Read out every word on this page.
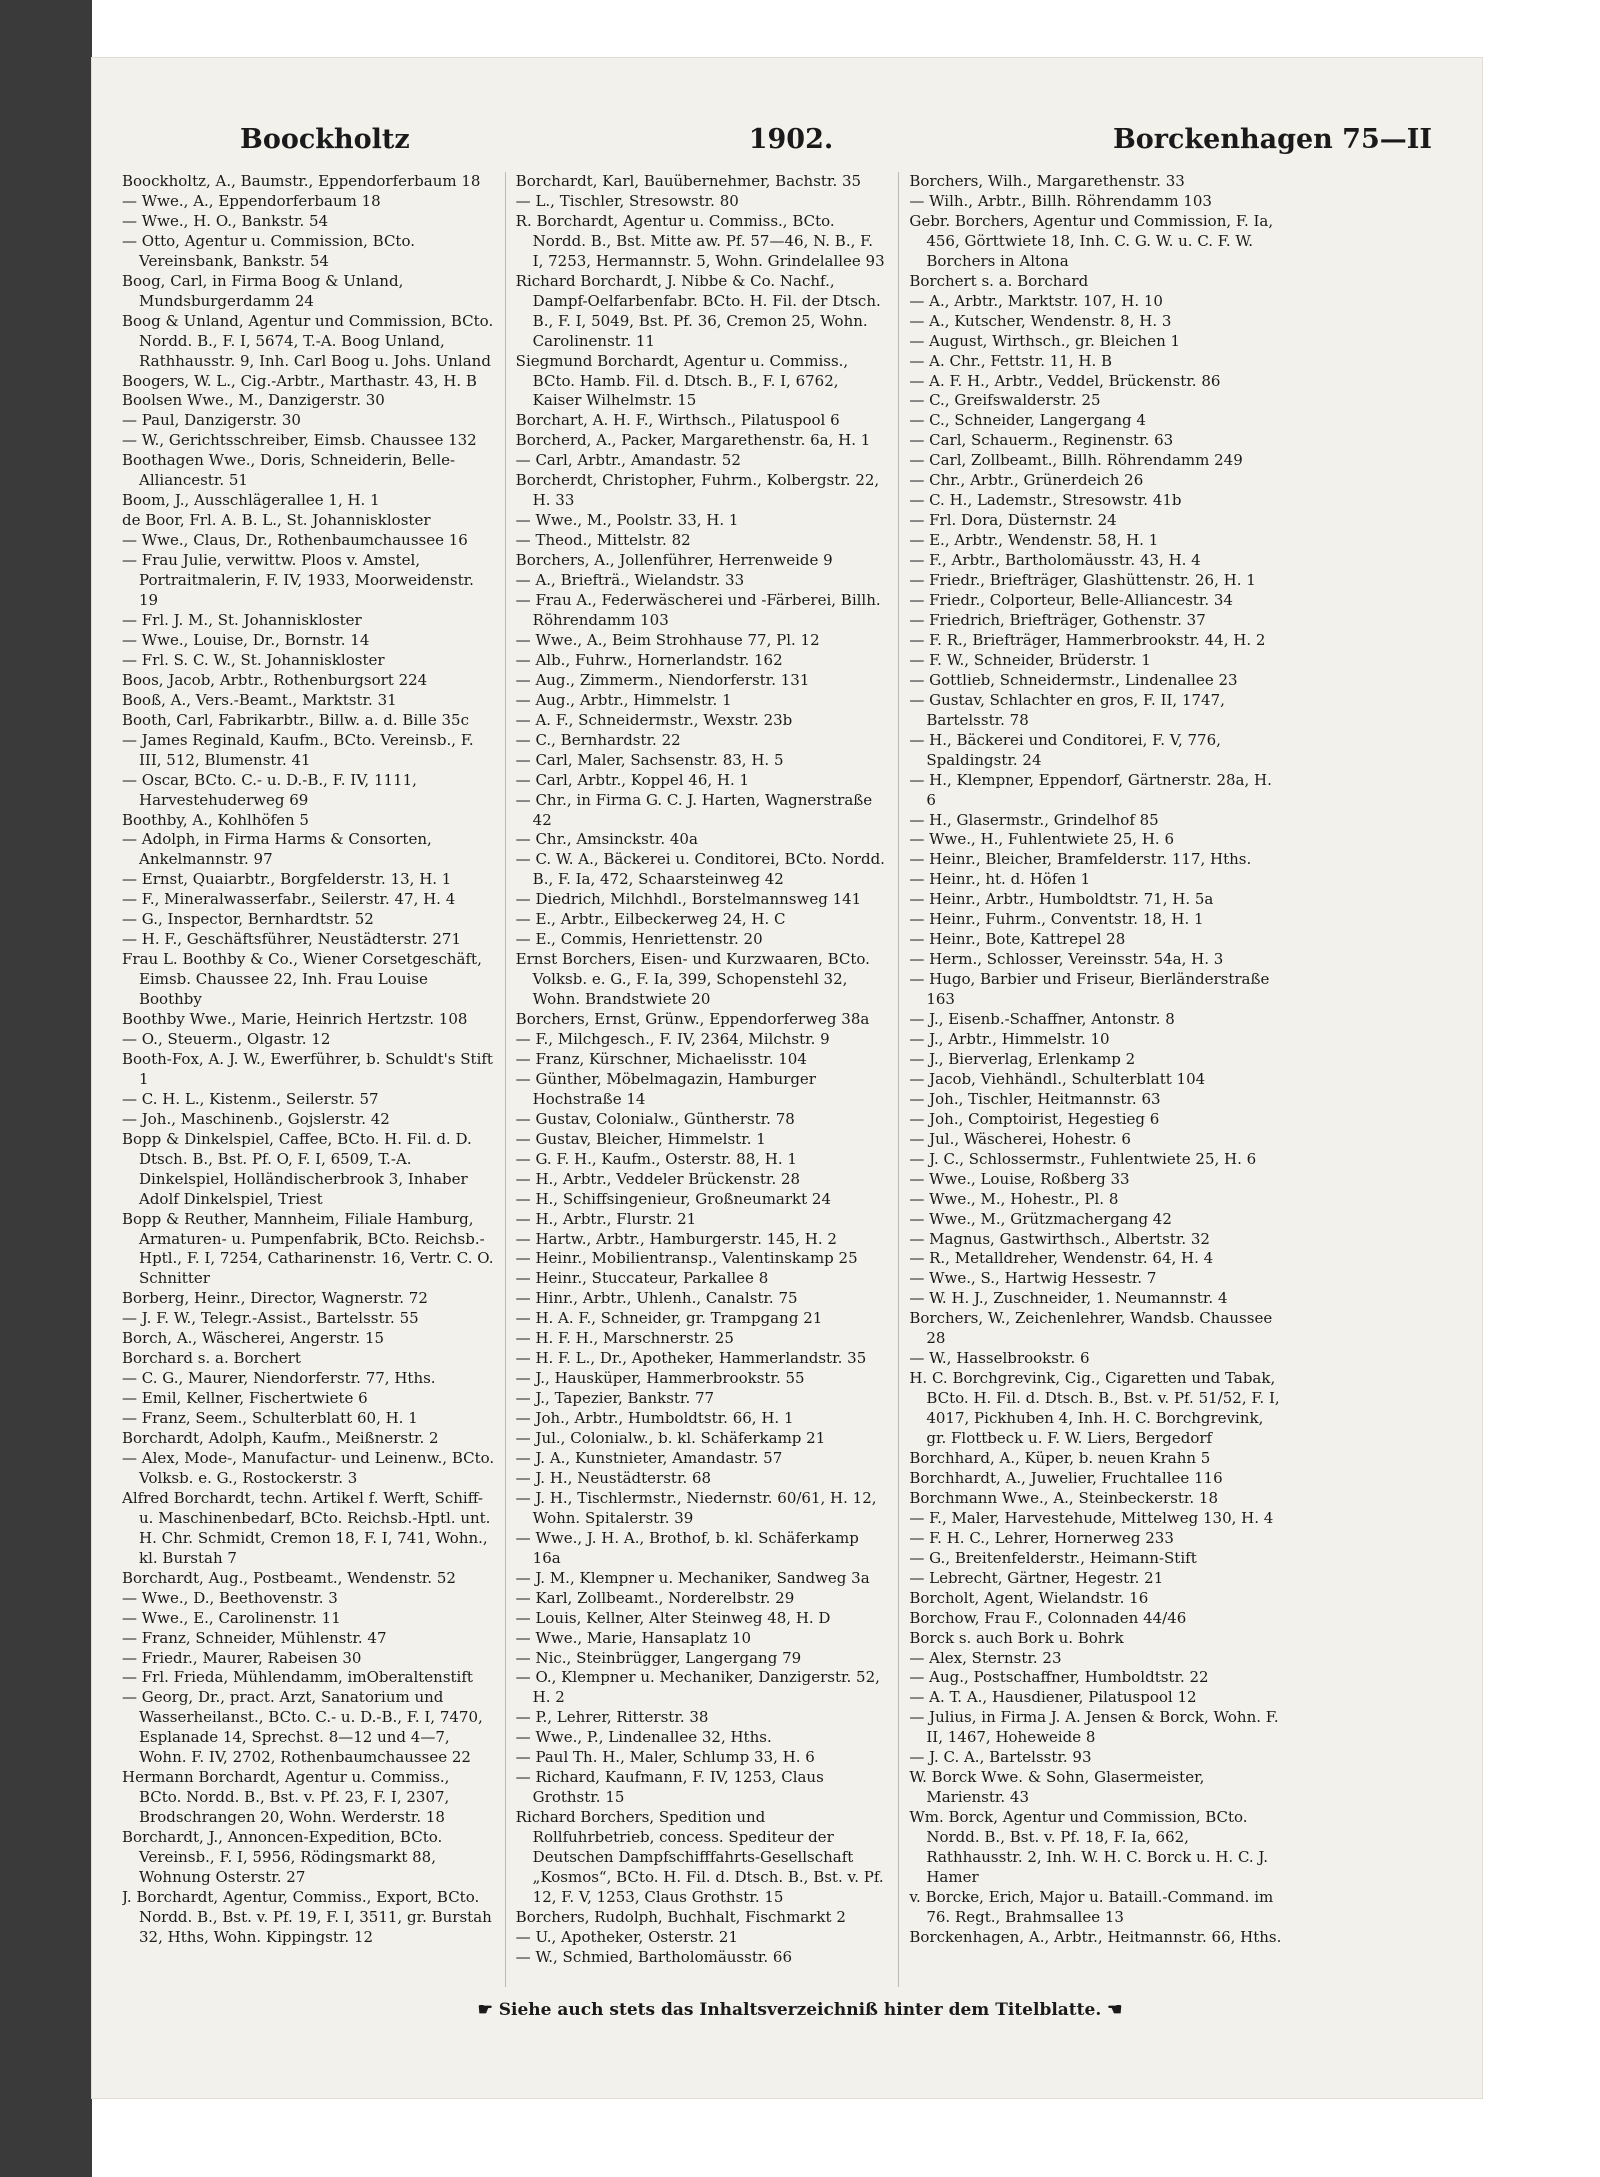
Boockholtz	1902.	Borckenhagen 75—II

Boockholtz, A., Baumstr., Eppendorferbaum 18

— Wwe., A., Eppendorferbaum 18

— Wwe., H. O., Bankstr. 54

— Otto, Agentur u. Commission, BCto. Vereinsbank, Bankstr. 54

Boog, Carl, in Firma Boog & Unland, Mundsburgerdamm 24

Boog & Unland, Agentur und Commission, BCto. Nordd. B., F. I, 5674, T.-A. Boog Unland, Rathhausstr. 9, Inh. Carl Boog u. Johs. Unland

Boogers, W. L., Cig.-Arbtr., Marthastr. 43, H. B

Boolsen Wwe., M., Danzigerstr. 30

— Paul, Danzigerstr. 30

— W., Gerichtsschreiber, Eimsb. Chaussee 132

Boothagen Wwe., Doris, Schneiderin, Belle-Alliancestr. 51

Boom, J., Ausschlägerallee 1, H. 1

de Boor, Frl. A. B. L., St. Johanniskloster

— Wwe., Claus, Dr., Rothenbaumchaussee 16

— Frau Julie, verwittw. Ploos v. Amstel, Portraitmalerin, F. IV, 1933, Moorweidenstr. 19

— Frl. J. M., St. Johanniskloster

— Wwe., Louise, Dr., Bornstr. 14

— Frl. S. C. W., St. Johanniskloster

Boos, Jacob, Arbtr., Rothenburgsort 224

Booß, A., Vers.-Beamt., Marktstr. 31

Booth, Carl, Fabrikarbtr., Billw. a. d. Bille 35c

— James Reginald, Kaufm., BCto. Vereinsb., F. III, 512, Blumenstr. 41

— Oscar, BCto. C.- u. D.-B., F. IV, 1111, Harvestehuderweg 69

Boothby, A., Kohlhöfen 5

— Adolph, in Firma Harms & Consorten, Ankelmannstr. 97

— Ernst, Quaiarbtr., Borgfelderstr. 13, H. 1

— F., Mineralwasserfabr., Seilerstr. 47, H. 4

— G., Inspector, Bernhardtstr. 52

— H. F., Geschäftsführer, Neustädterstr. 271

Frau L. Boothby & Co., Wiener Corsetgeschäft, Eimsb. Chaussee 22, Inh. Frau Louise Boothby

Boothby Wwe., Marie, Heinrich Hertzstr. 108

— O., Steuerm., Olgastr. 12

Booth-Fox, A. J. W., Ewerführer, b. Schuldt's Stift 1

— C. H. L., Kistenm., Seilerstr. 57

— Joh., Maschinenb., Gojslerstr. 42

Bopp & Dinkelspiel, Caffee, BCto. H. Fil. d. D. Dtsch. B., Bst. Pf. O, F. I, 6509, T.-A. Dinkelspiel, Holländischerbrook 3, Inhaber Adolf Dinkelspiel, Triest

Bopp & Reuther, Mannheim, Filiale Hamburg, Armaturen- u. Pumpenfabrik, BCto. Reichsb.-Hptl., F. I, 7254, Catharinenstr. 16, Vertr. C. O. Schnitter

Borberg, Heinr., Director, Wagnerstr. 72

— J. F. W., Telegr.-Assist., Bartelsstr. 55

Borch, A., Wäscherei, Angerstr. 15

Borchard s. a. Borchert

— C. G., Maurer, Niendorferstr. 77, Hths.

— Emil, Kellner, Fischertwiete 6

— Franz, Seem., Schulterblatt 60, H. 1

Borchardt, Adolph, Kaufm., Meißnerstr. 2

— Alex, Mode-, Manufactur- und Leinenw., BCto. Volksb. e. G., Rostockerstr. 3

Alfred Borchardt, techn. Artikel f. Werft, Schiff- u. Maschinenbedarf, BCto. Reichsb.-Hptl. unt. H. Chr. Schmidt, Cremon 18, F. I, 741, Wohn., kl. Burstah 7

Borchardt, Aug., Postbeamt., Wendenstr. 52

— Wwe., D., Beethovenstr. 3

— Wwe., E., Carolinenstr. 11

— Franz, Schneider, Mühlenstr. 47

— Friedr., Maurer, Rabeisen 30

— Frl. Frieda, Mühlendamm, imOberaltenstift

— Georg, Dr., pract. Arzt, Sanatorium und Wasserheilanst., BCto. C.- u. D.-B., F. I, 7470, Esplanade 14, Sprechst. 8—12 und 4—7, Wohn. F. IV, 2702, Rothenbaumchaussee 22

Hermann Borchardt, Agentur u. Commiss., BCto. Nordd. B., Bst. v. Pf. 23, F. I, 2307, Brodschrangen 20, Wohn. Werderstr. 18

Borchardt, J., Annoncen-Expedition, BCto. Vereinsb., F. I, 5956, Rödingsmarkt 88, Wohnung Osterstr. 27

J. Borchardt, Agentur, Commiss., Export, BCto. Nordd. B., Bst. v. Pf. 19, F. I, 3511, gr. Burstah 32, Hths, Wohn. Kippingstr. 12

Borchardt, Karl, Bauübernehmer, Bachstr. 35

— L., Tischler, Stresowstr. 80

R. Borchardt, Agentur u. Commiss., BCto. Nordd. B., Bst. Mitte aw. Pf. 57—46, N. B., F. I, 7253, Hermannstr. 5, Wohn. Grindelallee 93

Richard Borchardt, J. Nibbe & Co. Nachf., Dampf-Oelfarbenfabr. BCto. H. Fil. der Dtsch. B., F. I, 5049, Bst. Pf. 36, Cremon 25, Wohn. Carolinenstr. 11

Siegmund Borchardt, Agentur u. Commiss., BCto. Hamb. Fil. d. Dtsch. B., F. I, 6762, Kaiser Wilhelmstr. 15

Borchart, A. H. F., Wirthsch., Pilatuspool 6

Borcherd, A., Packer, Margarethenstr. 6a, H. 1

— Carl, Arbtr., Amandastr. 52

Borcherdt, Christopher, Fuhrm., Kolbergstr. 22, H. 33

— Wwe., M., Poolstr. 33, H. 1

— Theod., Mittelstr. 82

Borchers, A., Jollenführer, Herrenweide 9

— A., Briefträ., Wielandstr. 33

— Frau A., Federwäscherei und -Färberei, Billh. Röhrendamm 103

— Wwe., A., Beim Strohhause 77, Pl. 12

— Alb., Fuhrw., Hornerlandstr. 162

— Aug., Zimmerm., Niendorferstr. 131

— Aug., Arbtr., Himmelstr. 1

— A. F., Schneidermstr., Wexstr. 23b

— C., Bernhardstr. 22

— Carl, Maler, Sachsenstr. 83, H. 5

— Carl, Arbtr., Koppel 46, H. 1

— Chr., in Firma G. C. J. Harten, Wagnerstraße 42

— Chr., Amsinckstr. 40a

— C. W. A., Bäckerei u. Conditorei, BCto. Nordd. B., F. Ia, 472, Schaarsteinweg 42

— Diedrich, Milchhdl., Borstelmannsweg 141

— E., Arbtr., Eilbeckerweg 24, H. C

— E., Commis, Henriettenstr. 20

Ernst Borchers, Eisen- und Kurzwaaren, BCto. Volksb. e. G., F. Ia, 399, Schopenstehl 32, Wohn. Brandstwiete 20

Borchers, Ernst, Grünw., Eppendorferweg 38a

— F., Milchgesch., F. IV, 2364, Milchstr. 9

— Franz, Kürschner, Michaelisstr. 104

— Günther, Möbelmagazin, Hamburger Hochstraße 14

— Gustav, Colonialw., Güntherstr. 78

— Gustav, Bleicher, Himmelstr. 1

— G. F. H., Kaufm., Osterstr. 88, H. 1

— H., Arbtr., Veddeler Brückenstr. 28

— H., Schiffsingenieur, Großneumarkt 24

— H., Arbtr., Flurstr. 21

— Hartw., Arbtr., Hamburgerstr. 145, H. 2

— Heinr., Mobilientransp., Valentinskamp 25

— Heinr., Stuccateur, Parkallee 8

— Hinr., Arbtr., Uhlenh., Canalstr. 75

— H. A. F., Schneider, gr. Trampgang 21

— H. F. H., Marschnerstr. 25

— H. F. L., Dr., Apotheker, Hammerlandstr. 35

— J., Hausküper, Hammerbrookstr. 55

— J., Tapezier, Bankstr. 77

— Joh., Arbtr., Humboldtstr. 66, H. 1

— Jul., Colonialw., b. kl. Schäferkamp 21

— J. A., Kunstnieter, Amandastr. 57

— J. H., Neustädterstr. 68

— J. H., Tischlermstr., Niedernstr. 60/61, H. 12, Wohn. Spitalerstr. 39

— Wwe., J. H. A., Brothof, b. kl. Schäferkamp 16a

— J. M., Klempner u. Mechaniker, Sandweg 3a

— Karl, Zollbeamt., Norderelbstr. 29

— Louis, Kellner, Alter Steinweg 48, H. D

— Wwe., Marie, Hansaplatz 10

— Nic., Steinbrügger, Langergang 79

— O., Klempner u. Mechaniker, Danzigerstr. 52, H. 2

— P., Lehrer, Ritterstr. 38

— Wwe., P., Lindenallee 32, Hths.

— Paul Th. H., Maler, Schlump 33, H. 6

— Richard, Kaufmann, F. IV, 1253, Claus Grothstr. 15

Richard Borchers, Spedition und Rollfuhrbetrieb, concess. Spediteur der Deutschen Dampfschifffahrts-Gesellschaft „Kosmos“, BCto. H. Fil. d. Dtsch. B., Bst. v. Pf. 12, F. V, 1253, Claus Grothstr. 15

Borchers, Rudolph, Buchhalt, Fischmarkt 2

— U., Apotheker, Osterstr. 21

— W., Schmied, Bartholomäusstr. 66

Borchers, Wilh., Margarethenstr. 33

— Wilh., Arbtr., Billh. Röhrendamm 103

Gebr. Borchers, Agentur und Commission, F. Ia, 456, Görttwiete 18, Inh. C. G. W. u. C. F. W. Borchers in Altona

Borchert s. a. Borchard

— A., Arbtr., Marktstr. 107, H. 10

— A., Kutscher, Wendenstr. 8, H. 3

— August, Wirthsch., gr. Bleichen 1

— A. Chr., Fettstr. 11, H. B

— A. F. H., Arbtr., Veddel, Brückenstr. 86

— C., Greifswalderstr. 25

— C., Schneider, Langergang 4

— Carl, Schauerm., Reginenstr. 63

— Carl, Zollbeamt., Billh. Röhrendamm 249

— Chr., Arbtr., Grünerdeich 26

— C. H., Lademstr., Stresowstr. 41b

— Frl. Dora, Düsternstr. 24

— E., Arbtr., Wendenstr. 58, H. 1

— F., Arbtr., Bartholomäusstr. 43, H. 4

— Friedr., Briefträger, Glashüttenstr. 26, H. 1

— Friedr., Colporteur, Belle-Alliancestr. 34

— Friedrich, Briefträger, Gothenstr. 37

— F. R., Briefträger, Hammerbrookstr. 44, H. 2

— F. W., Schneider, Brüderstr. 1

— Gottlieb, Schneidermstr., Lindenallee 23

— Gustav, Schlachter en gros, F. II, 1747, Bartelsstr. 78

— H., Bäckerei und Conditorei, F. V, 776, Spaldingstr. 24

— H., Klempner, Eppendorf, Gärtnerstr. 28a, H. 6

— H., Glasermstr., Grindelhof 85

— Wwe., H., Fuhlentwiete 25, H. 6

— Heinr., Bleicher, Bramfelderstr. 117, Hths.

— Heinr., ht. d. Höfen 1

— Heinr., Arbtr., Humboldtstr. 71, H. 5a

— Heinr., Fuhrm., Conventstr. 18, H. 1

— Heinr., Bote, Kattrepel 28

— Herm., Schlosser, Vereinsstr. 54a, H. 3

— Hugo, Barbier und Friseur, Bierländerstraße 163

— J., Eisenb.-Schaffner, Antonstr. 8

— J., Arbtr., Himmelstr. 10

— J., Bierverlag, Erlenkamp 2

— Jacob, Viehhändl., Schulterblatt 104

— Joh., Tischler, Heitmannstr. 63

— Joh., Comptoirist, Hegestieg 6

— Jul., Wäscherei, Hohestr. 6

— J. C., Schlossermstr., Fuhlentwiete 25, H. 6

— Wwe., Louise, Roßberg 33

— Wwe., M., Hohestr., Pl. 8

— Wwe., M., Grützmachergang 42

— Magnus, Gastwirthsch., Albertstr. 32

— R., Metalldreher, Wendenstr. 64, H. 4

— Wwe., S., Hartwig Hessestr. 7

— W. H. J., Zuschneider, 1. Neumannstr. 4

Borchers, W., Zeichenlehrer, Wandsb. Chaussee 28

— W., Hasselbrookstr. 6

H. C. Borchgrevink, Cig., Cigaretten und Tabak, BCto. H. Fil. d. Dtsch. B., Bst. v. Pf. 51/52, F. I, 4017, Pickhuben 4, Inh. H. C. Borchgrevink, gr. Flottbeck u. F. W. Liers, Bergedorf

Borchhard, A., Küper, b. neuen Krahn 5

Borchhardt, A., Juwelier, Fruchtallee 116

Borchmann Wwe., A., Steinbeckerstr. 18

— F., Maler, Harvestehude, Mittelweg 130, H. 4

— F. H. C., Lehrer, Hornerweg 233

— G., Breitenfelderstr., Heimann-Stift

— Lebrecht, Gärtner, Hegestr. 21

Borcholt, Agent, Wielandstr. 16

Borchow, Frau F., Colonnaden 44/46

Borck s. auch Bork u. Bohrk

— Alex, Sternstr. 23

— Aug., Postschaffner, Humboldtstr. 22

— A. T. A., Hausdiener, Pilatuspool 12

— Julius, in Firma J. A. Jensen & Borck, Wohn. F. II, 1467, Hoheweide 8

— J. C. A., Bartelsstr. 93

W. Borck Wwe. & Sohn, Glasermeister, Marienstr. 43

Wm. Borck, Agentur und Commission, BCto. Nordd. B., Bst. v. Pf. 18, F. Ia, 662, Rathhausstr. 2, Inh. W. H. C. Borck u. H. C. J. Hamer

v. Borcke, Erich, Major u. Bataill.-Command. im 76. Regt., Brahmsallee 13

Borckenhagen, A., Arbtr., Heitmannstr. 66, Hths.

☛ Siehe auch stets das Inhaltsverzeichniß hinter dem Titelblatte. ☚
